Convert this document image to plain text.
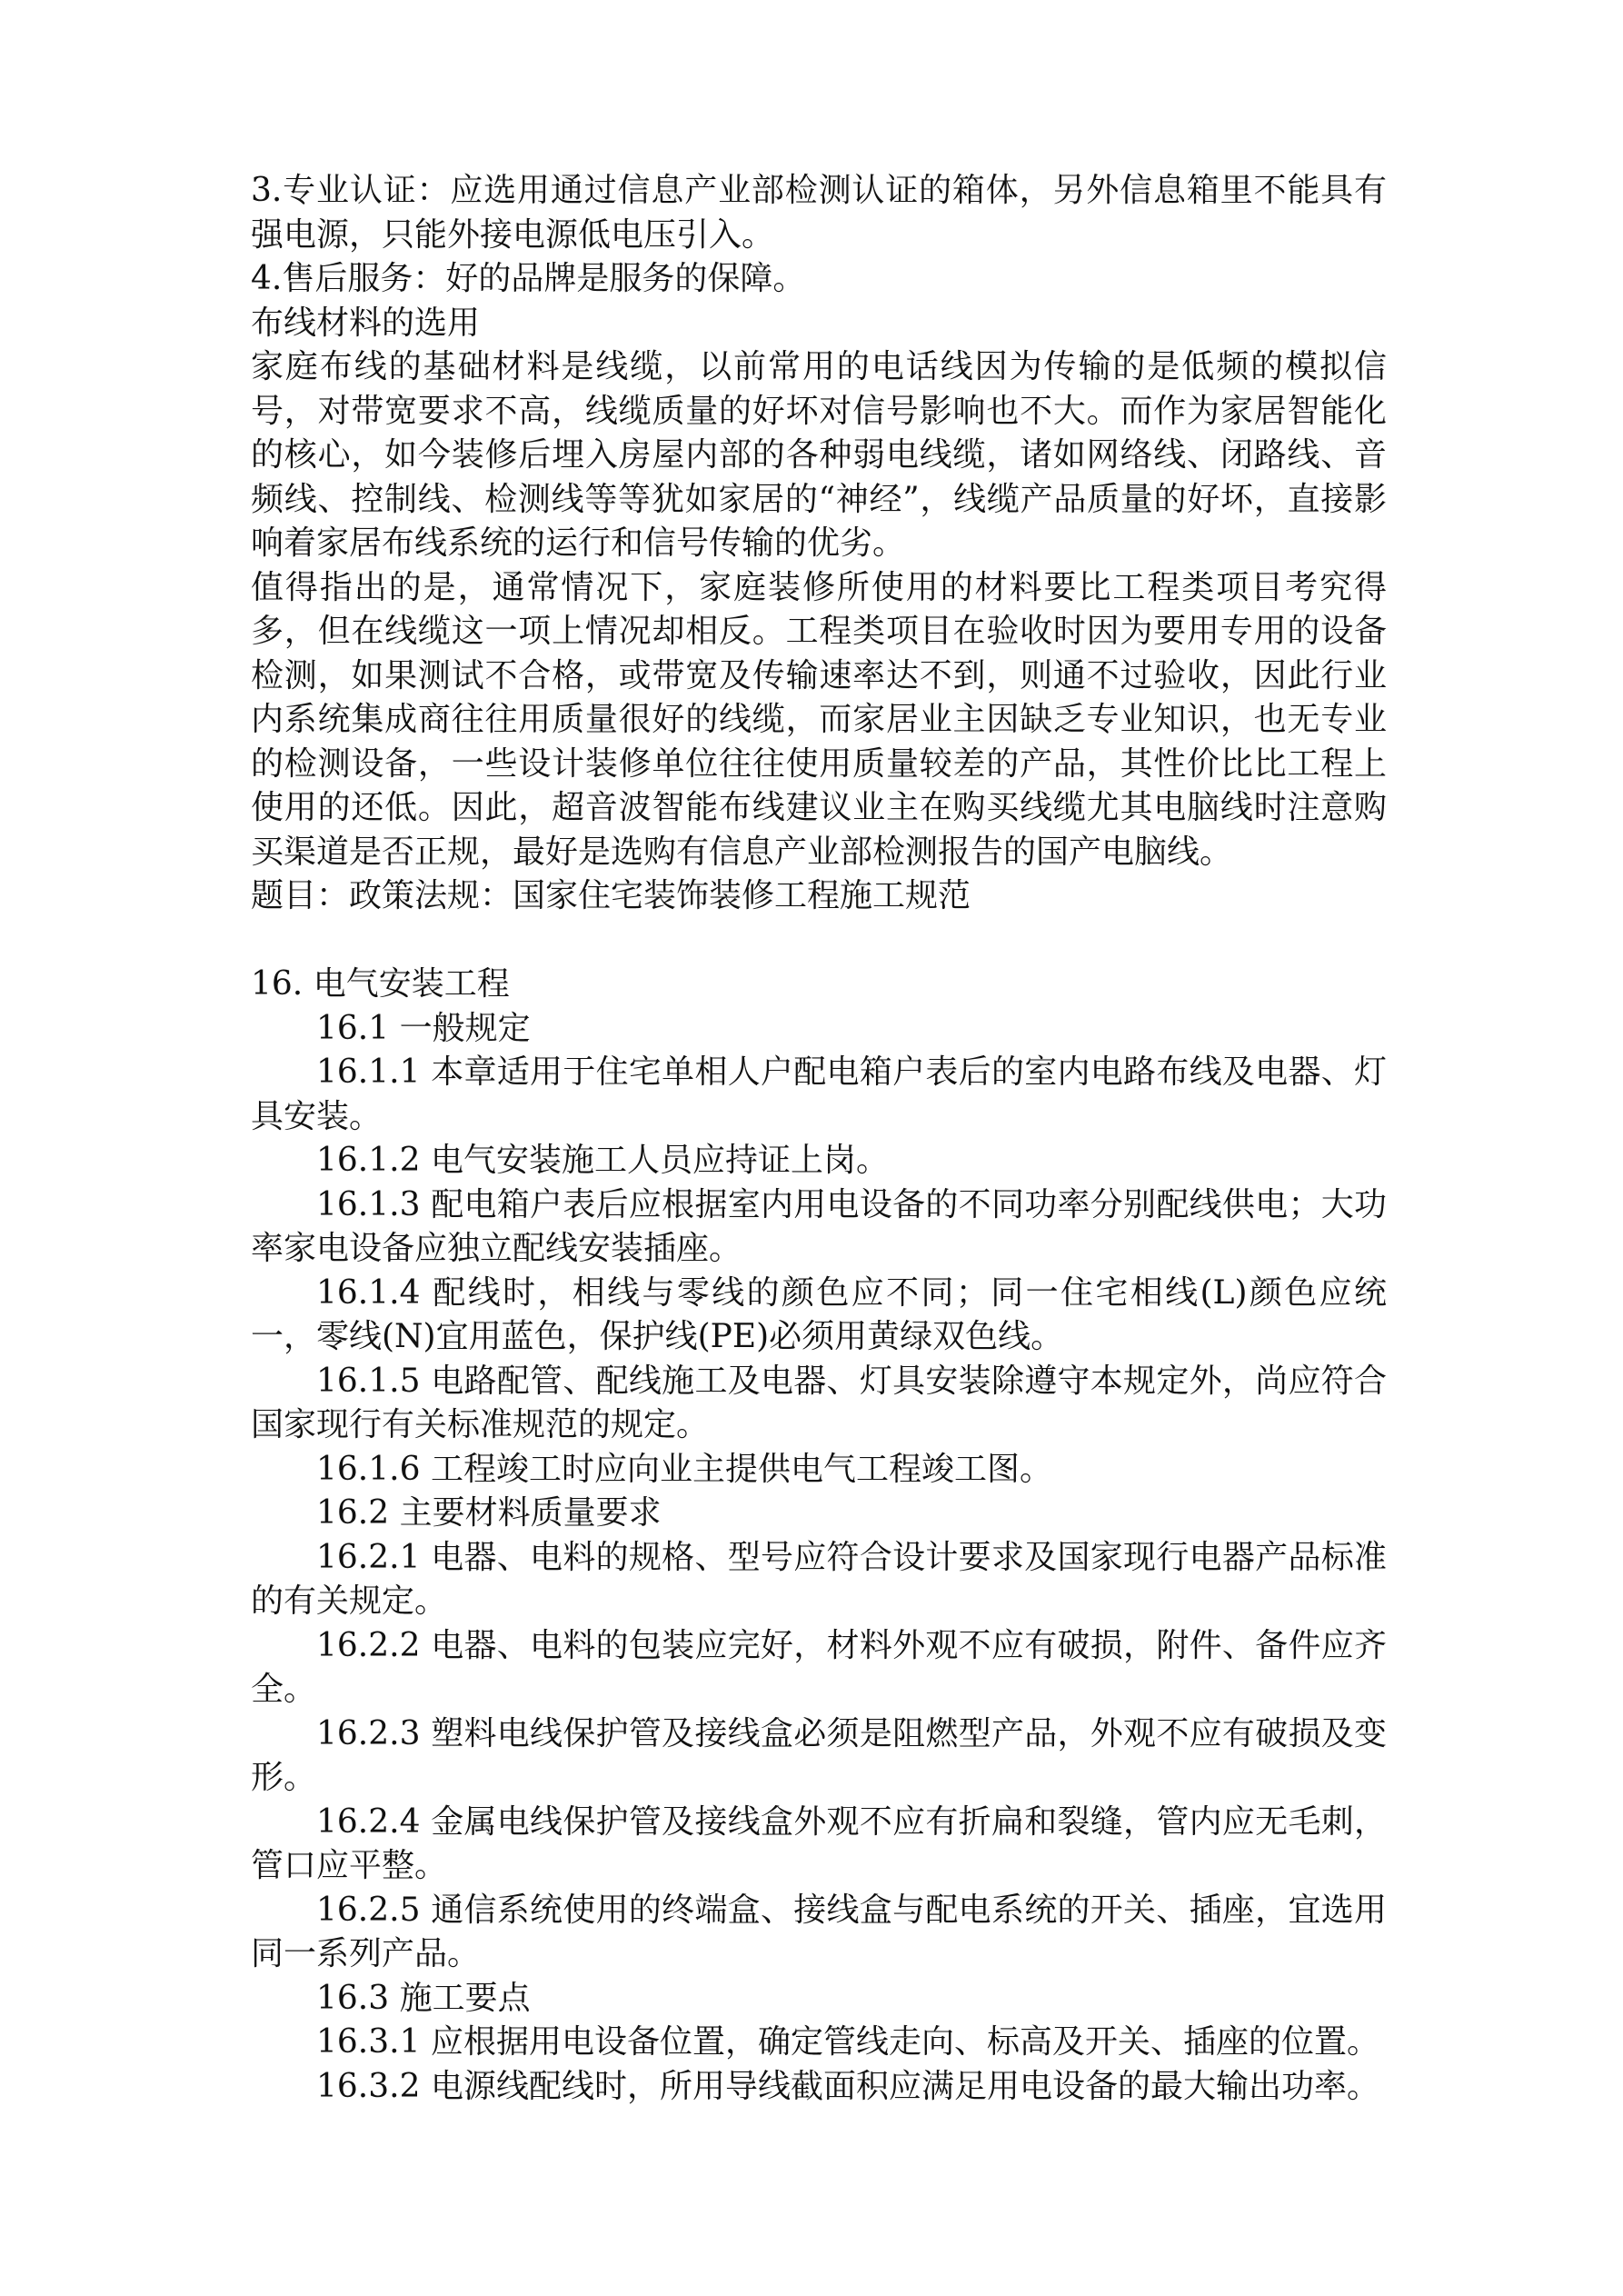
3.专业认证：应选用通过信息产业部检测认证的箱体，另外信息箱里不能具有强电源，只能外接电源低电压引入。

4.售后服务：好的品牌是服务的保障。

布线材料的选用

家庭布线的基础材料是线缆，以前常用的电话线因为传输的是低频的模拟信号，对带宽要求不高，线缆质量的好坏对信号影响也不大。而作为家居智能化的核心，如今装修后埋入房屋内部的各种弱电线缆，诸如网络线、闭路线、音频线、控制线、检测线等等犹如家居的“神经”，线缆产品质量的好坏，直接影响着家居布线系统的运行和信号传输的优劣。

值得指出的是，通常情况下，家庭装修所使用的材料要比工程类项目考究得多，但在线缆这一项上情况却相反。工程类项目在验收时因为要用专用的设备检测，如果测试不合格，或带宽及传输速率达不到，则通不过验收，因此行业内系统集成商往往用质量很好的线缆，而家居业主因缺乏专业知识，也无专业的检测设备，一些设计装修单位往往使用质量较差的产品，其性价比比工程上使用的还低。因此，超音波智能布线建议业主在购买线缆尤其电脑线时注意购买渠道是否正规，最好是选购有信息产业部检测报告的国产电脑线。

题目：政策法规：国家住宅装饰装修工程施工规范

16. 电气安装工程

16.1 一般规定

16.1.1 本章适用于住宅单相人户配电箱户表后的室内电路布线及电器、灯具安装。

16.1.2 电气安装施工人员应持证上岗。

16.1.3 配电箱户表后应根据室内用电设备的不同功率分别配线供电；大功率家电设备应独立配线安装插座。

16.1.4 配线时，相线与零线的颜色应不同；同一住宅相线(L)颜色应统一，零线(N)宜用蓝色，保护线(PE)必须用黄绿双色线。

16.1.5 电路配管、配线施工及电器、灯具安装除遵守本规定外，尚应符合国家现行有关标准规范的规定。

16.1.6 工程竣工时应向业主提供电气工程竣工图。

16.2 主要材料质量要求

16.2.1 电器、电料的规格、型号应符合设计要求及国家现行电器产品标准的有关规定。

16.2.2 电器、电料的包装应完好，材料外观不应有破损，附件、备件应齐全。

16.2.3 塑料电线保护管及接线盒必须是阻燃型产品，外观不应有破损及变形。

16.2.4 金属电线保护管及接线盒外观不应有折扁和裂缝，管内应无毛刺，管口应平整。

16.2.5 通信系统使用的终端盒、接线盒与配电系统的开关、插座，宜选用同一系列产品。

16.3 施工要点

16.3.1 应根据用电设备位置，确定管线走向、标高及开关、插座的位置。

16.3.2 电源线配线时，所用导线截面积应满足用电设备的最大输出功率。
